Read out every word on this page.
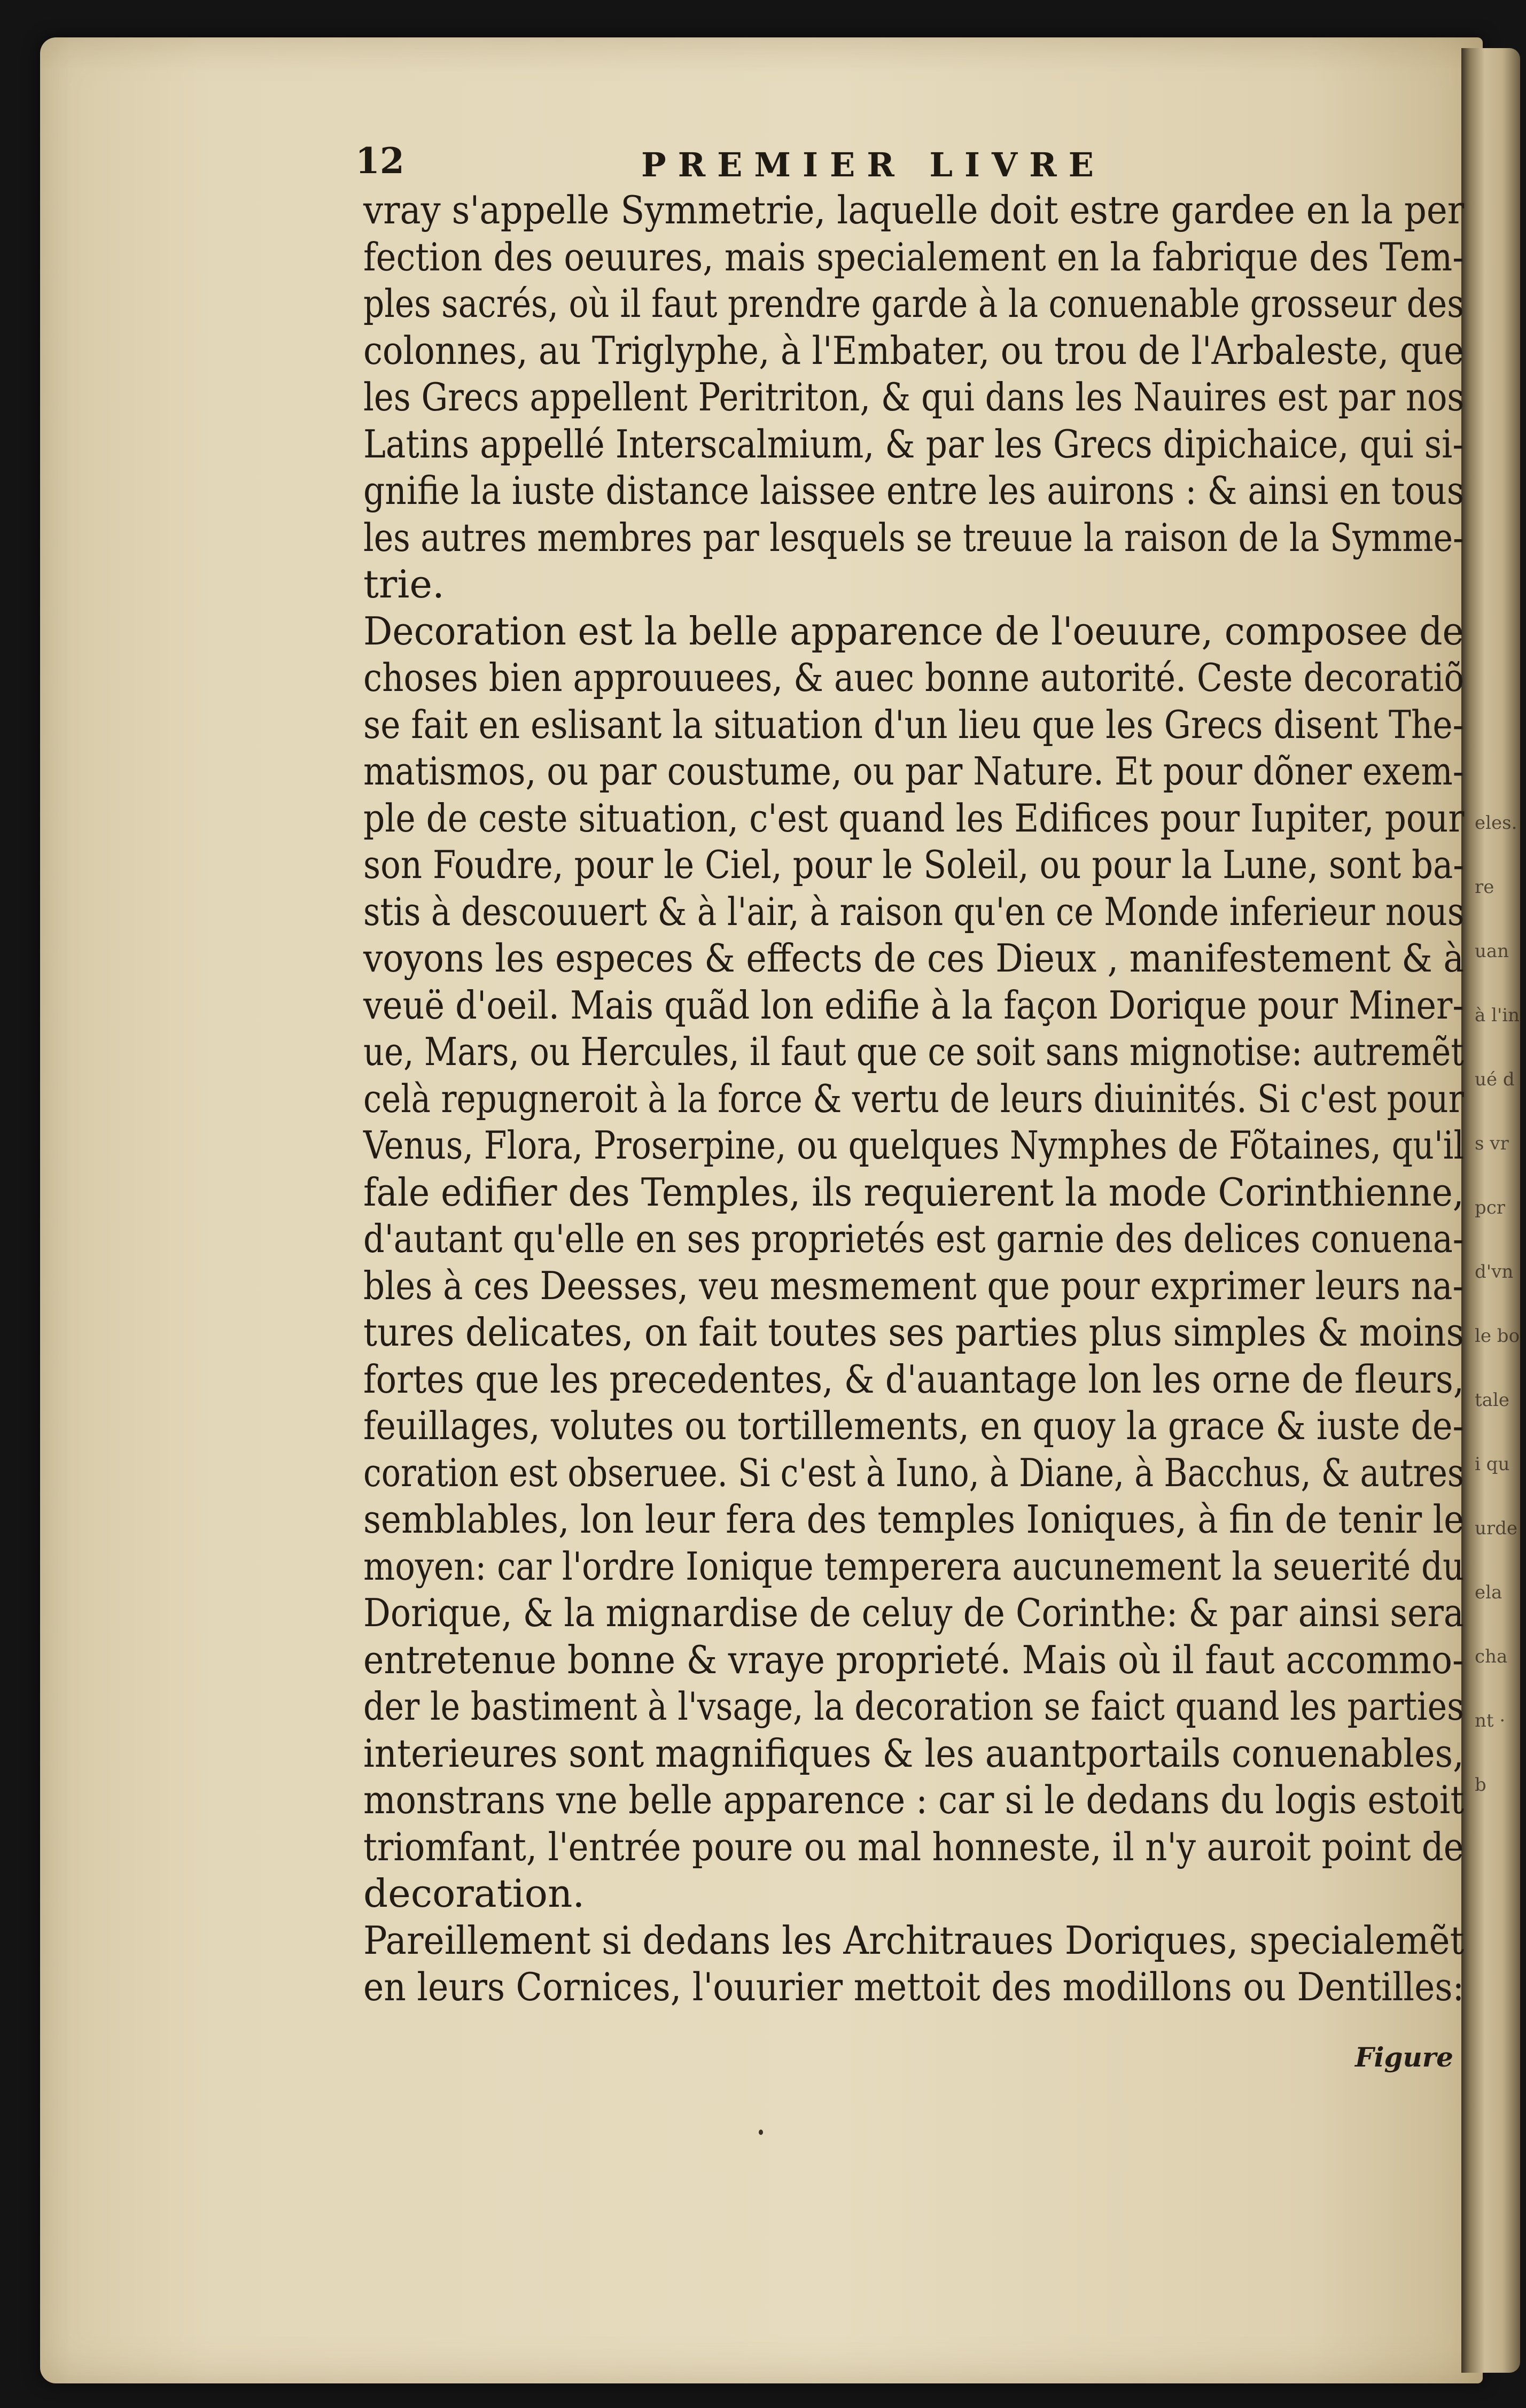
eles.
re
uan
à l'in
ué d
s vr
pcr
d'vn
le bo
tale
i qu
urde
ela
cha
nt ·
b
12	PREMIER LIVRE
vray s'appelle Symmetrie, laquelle doit estre gardee en la per
fection des oeuures, mais specialement en la fabrique des Tem-
ples sacrés, où il faut prendre garde à la conuenable grosseur des
colonnes, au Triglyphe, à l'Embater, ou trou de l'Arbaleste, que
les Grecs appellent Peritriton, & qui dans les Nauires est par nos
Latins appellé Interscalmium, & par les Grecs dipichaice, qui si-
gnifie la iuste distance laissee entre les auirons : & ainsi en tous
les autres membres par lesquels se treuue la raison de la Symme-
trie.
Decoration est la belle apparence de l'oeuure, composee de
choses bien approuuees, & auec bonne autorité. Ceste decoratiõ
se fait en eslisant la situation d'un lieu que les Grecs disent The-
matismos, ou par coustume, ou par Nature. Et pour dõner exem-
ple de ceste situation, c'est quand les Edifices pour Iupiter, pour
son Foudre, pour le Ciel, pour le Soleil, ou pour la Lune, sont ba-
stis à descouuert & à l'air, à raison qu'en ce Monde inferieur nous
voyons les especes & effects de ces Dieux , manifestement & à
veuë d'oeil. Mais quãd lon edifie à la façon Dorique pour Miner-
ue, Mars, ou Hercules, il faut que ce soit sans mignotise: autremẽt
celà repugneroit à la force & vertu de leurs diuinités. Si c'est pour
Venus, Flora, Proserpine, ou quelques Nymphes de Fõtaines, qu'il
fale edifier des Temples, ils requierent la mode Corinthienne,
d'autant qu'elle en ses proprietés est garnie des delices conuena-
bles à ces Deesses, veu mesmement que pour exprimer leurs na-
tures delicates, on fait toutes ses parties plus simples & moins
fortes que les precedentes, & d'auantage lon les orne de fleurs,
feuillages, volutes ou tortillements, en quoy la grace & iuste de-
coration est obseruee. Si c'est à Iuno, à Diane, à Bacchus, & autres
semblables, lon leur fera des temples Ioniques, à fin de tenir le
moyen: car l'ordre Ionique temperera aucunement la seuerité du
Dorique, & la mignardise de celuy de Corinthe: & par ainsi sera
entretenue bonne & vraye proprieté. Mais où il faut accommo-
der le bastiment à l'vsage, la decoration se faict quand les parties
interieures sont magnifiques & les auantportails conuenables,
monstrans vne belle apparence : car si le dedans du logis estoit
triomfant, l'entrée poure ou mal honneste, il n'y auroit point de
decoration.
Pareillement si dedans les Architraues Doriques, specialemẽt
en leurs Cornices, l'ouurier mettoit des modillons ou Dentilles:
Figure
